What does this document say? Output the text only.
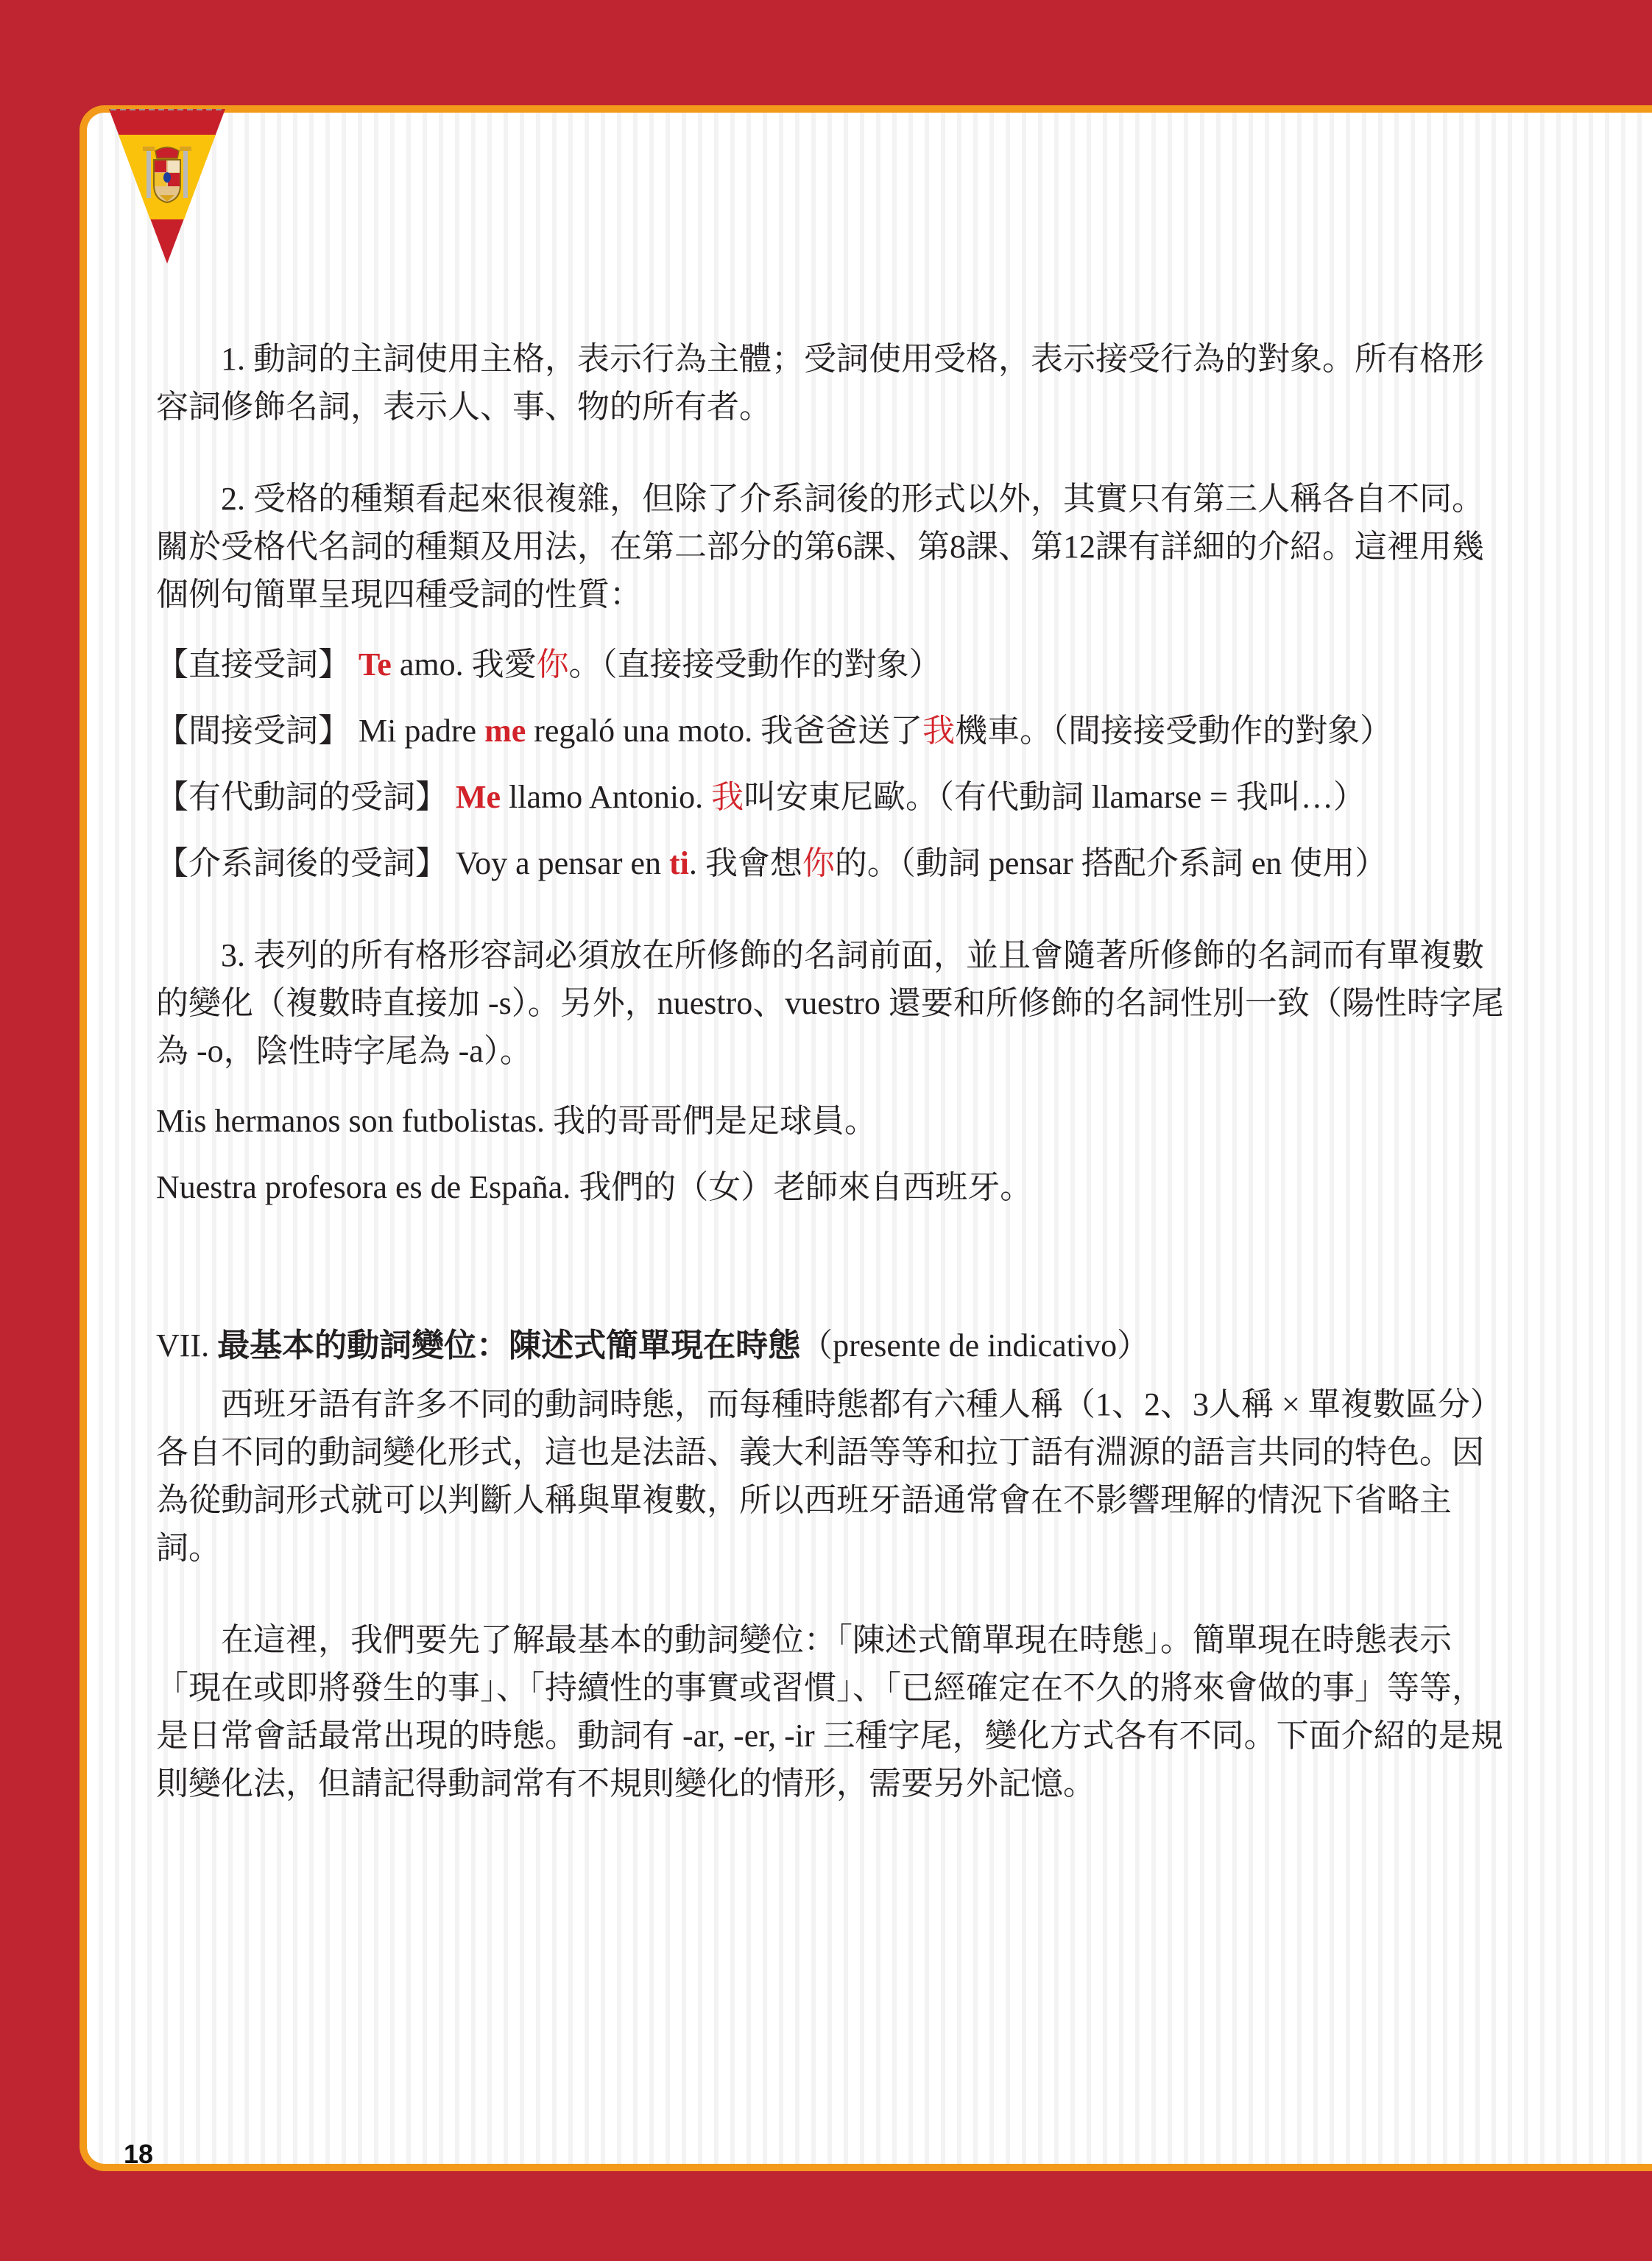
1. 動詞的主詞使用主格，表示行為主體；受詞使用受格，表示接受行為的對象。所有格形容詞修飾名詞，表示人、事、物的所有者。

2. 受格的種類看起來很複雜，但除了介系詞後的形式以外，其實只有第三人稱各自不同。關於受格代名詞的種類及用法，在第二部分的第6課、第8課、第12課有詳細的介紹。這裡用幾個例句簡單呈現四種受詞的性質：

【直接受詞】 Te amo. 我愛你。（直接接受動作的對象）

【間接受詞】 Mi padre me regaló una moto. 我爸爸送了我機車。（間接接受動作的對象）

【有代動詞的受詞】 Me llamo Antonio. 我叫安東尼歐。（有代動詞 llamarse = 我叫…）

【介系詞後的受詞】 Voy a pensar en ti. 我會想你的。（動詞 pensar 搭配介系詞 en 使用）

3. 表列的所有格形容詞必須放在所修飾的名詞前面，並且會隨著所修飾的名詞而有單複數的變化（複數時直接加 -s）。另外，nuestro、vuestro 還要和所修飾的名詞性別一致（陽性時字尾為 -o，陰性時字尾為 -a）。

Mis hermanos son futbolistas. 我的哥哥們是足球員。

Nuestra profesora es de España. 我們的（女）老師來自西班牙。

VII. 最基本的動詞變位：陳述式簡單現在時態（presente de indicativo）

西班牙語有許多不同的動詞時態，而每種時態都有六種人稱（1、2、3人稱 × 單複數區分）各自不同的動詞變化形式，這也是法語、義大利語等等和拉丁語有淵源的語言共同的特色。因為從動詞形式就可以判斷人稱與單複數，所以西班牙語通常會在不影響理解的情況下省略主詞。

在這裡，我們要先了解最基本的動詞變位：「陳述式簡單現在時態」。簡單現在時態表示「現在或即將發生的事」、「持續性的事實或習慣」、「已經確定在不久的將來會做的事」等等，是日常會話最常出現的時態。動詞有 -ar, -er, -ir 三種字尾，變化方式各有不同。下面介紹的是規則變化法，但請記得動詞常有不規則變化的情形，需要另外記憶。

18
